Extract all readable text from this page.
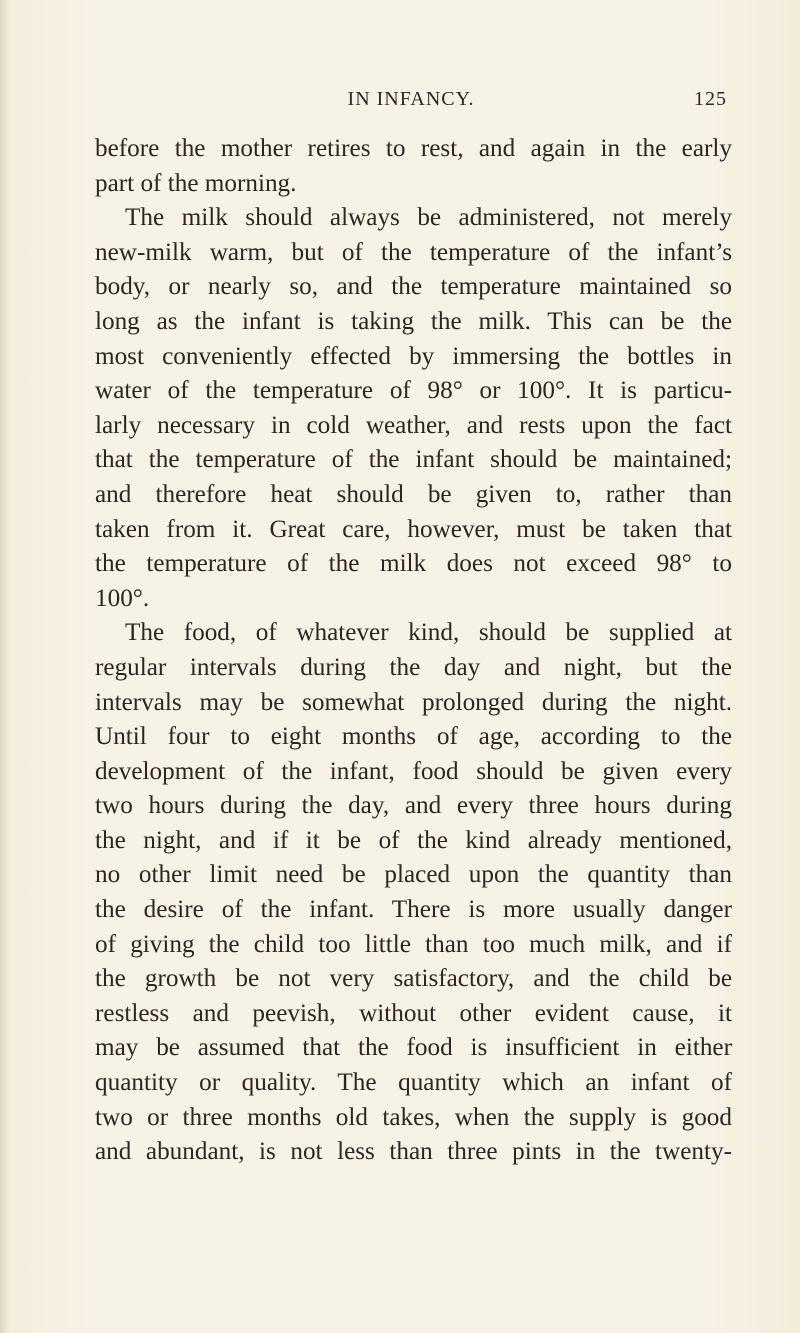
IN INFANCY.	125
before the mother retires to rest, and again in the early
part of the morning.
The milk should always be administered, not merely
new-milk warm, but of the temperature of the infant’s
body, or nearly so, and the temperature maintained so
long as the infant is taking the milk. This can be the
most conveniently effected by immersing the bottles in
water of the temperature of 98° or 100°. It is particu-
larly necessary in cold weather, and rests upon the fact
that the temperature of the infant should be maintained;
and therefore heat should be given to, rather than
taken from it. Great care, however, must be taken that
the temperature of the milk does not exceed 98° to
100°.
The food, of whatever kind, should be supplied at
regular intervals during the day and night, but the
intervals may be somewhat prolonged during the night.
Until four to eight months of age, according to the
development of the infant, food should be given every
two hours during the day, and every three hours during
the night, and if it be of the kind already mentioned,
no other limit need be placed upon the quantity than
the desire of the infant. There is more usually danger
of giving the child too little than too much milk, and if
the growth be not very satisfactory, and the child be
restless and peevish, without other evident cause, it
may be assumed that the food is insufficient in either
quantity or quality. The quantity which an infant of
two or three months old takes, when the supply is good
and abundant, is not less than three pints in the twenty-
